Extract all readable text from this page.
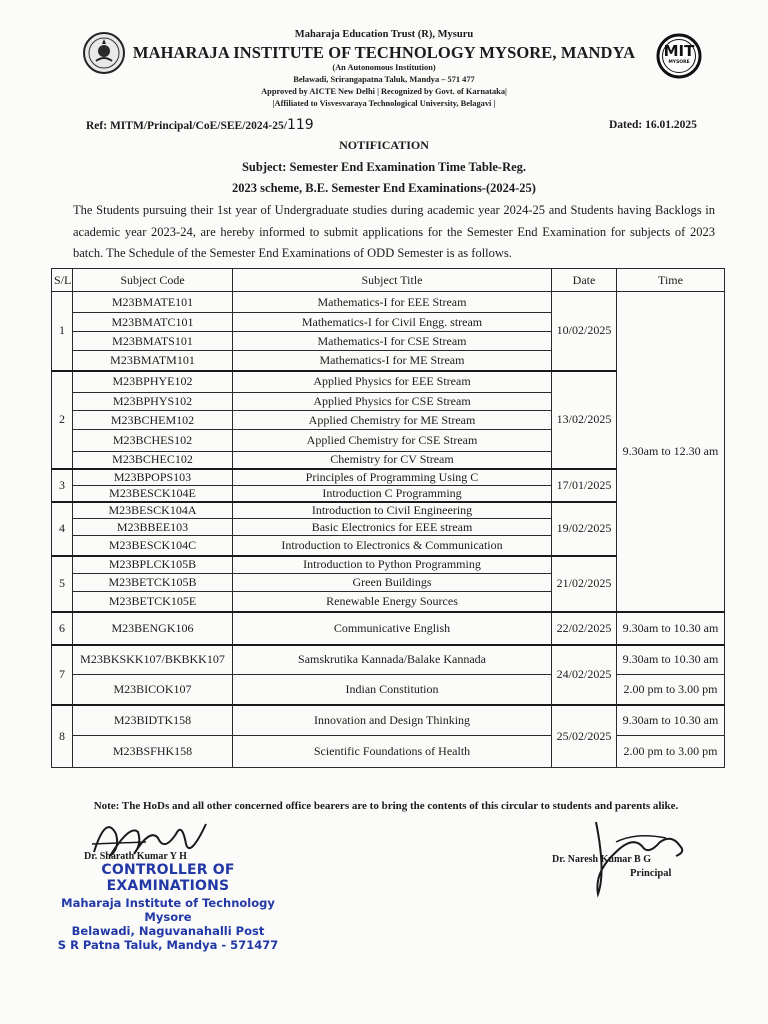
MIT
MYSORE
Maharaja Education Trust (R), Mysuru
MAHARAJA INSTITUTE OF TECHNOLOGY MYSORE, MANDYA
(An Autonomous Institution)
Belawadi, Srirangapatna Taluk, Mandya – 571 477
Approved by AICTE New Delhi | Recognized by Govt. of Karnataka|
|Affiliated to Visvesvaraya Technological University, Belagavi |
Ref: MITM/Principal/CoE/SEE/2024-25/119	Dated: 16.01.2025
NOTIFICATION
Subject: Semester End Examination Time Table-Reg.
2023 scheme, B.E. Semester End Examinations-(2024-25)
The Students pursuing their 1st year of Undergraduate studies during academic year 2024-25 and Students having Backlogs in academic year 2023-24, are hereby informed to submit applications for the Semester End Examination for subjects of 2023 batch. The Schedule of the Semester End Examinations of ODD Semester is as follows.
S/L	Subject Code	Subject Title	Date	Time
1	M23BMATE101	Mathematics-I for EEE Stream	10/02/2025	9.30am to 12.30 am
	M23BMATC101	Mathematics-I for Civil Engg. stream		
	M23BMATS101	Mathematics-I for CSE Stream		
	M23BMATM101	Mathematics-I for ME Stream		
2	M23BPHYE102	Applied Physics for EEE Stream	13/02/2025	
	M23BPHYS102	Applied Physics for CSE Stream		
	M23BCHEM102	Applied Chemistry for ME Stream		
	M23BCHES102	Applied Chemistry for CSE Stream		
	M23BCHEC102	Chemistry for CV Stream		
3	M23BPOPS103	Principles of Programming Using C	17/01/2025	
	M23BESCK104E	Introduction C Programming		
4	M23BESCK104A	Introduction to Civil Engineering	19/02/2025	
	M23BBEE103	Basic Electronics for EEE stream		
	M23BESCK104C	Introduction to Electronics & Communication		
5	M23BPLCK105B	Introduction to Python Programming	21/02/2025	
	M23BETCK105B	Green Buildings		
	M23BETCK105E	Renewable Energy Sources		
6	M23BENGK106	Communicative English	22/02/2025	9.30am to 10.30 am
7	M23BKSKK107/BKBKK107	Samskrutika Kannada/Balake Kannada	24/02/2025	9.30am to 10.30 am
	M23BICOK107	Indian Constitution		2.00 pm to 3.00 pm
8	M23BIDTK158	Innovation and Design Thinking	25/02/2025	9.30am to 10.30 am
	M23BSFHK158	Scientific Foundations of Health		2.00 pm to 3.00 pm
Note: The HoDs and all other concerned office bearers are to bring the contents of this circular to students and parents alike.
Dr. Sharath Kumar Y H
CONTROLLER OF EXAMINATIONS
Maharaja Institute of Technology Mysore
Belawadi, Naguvanahalli Post
S R Patna Taluk, Mandya - 571477
Dr. Naresh Kumar B G
Principal
